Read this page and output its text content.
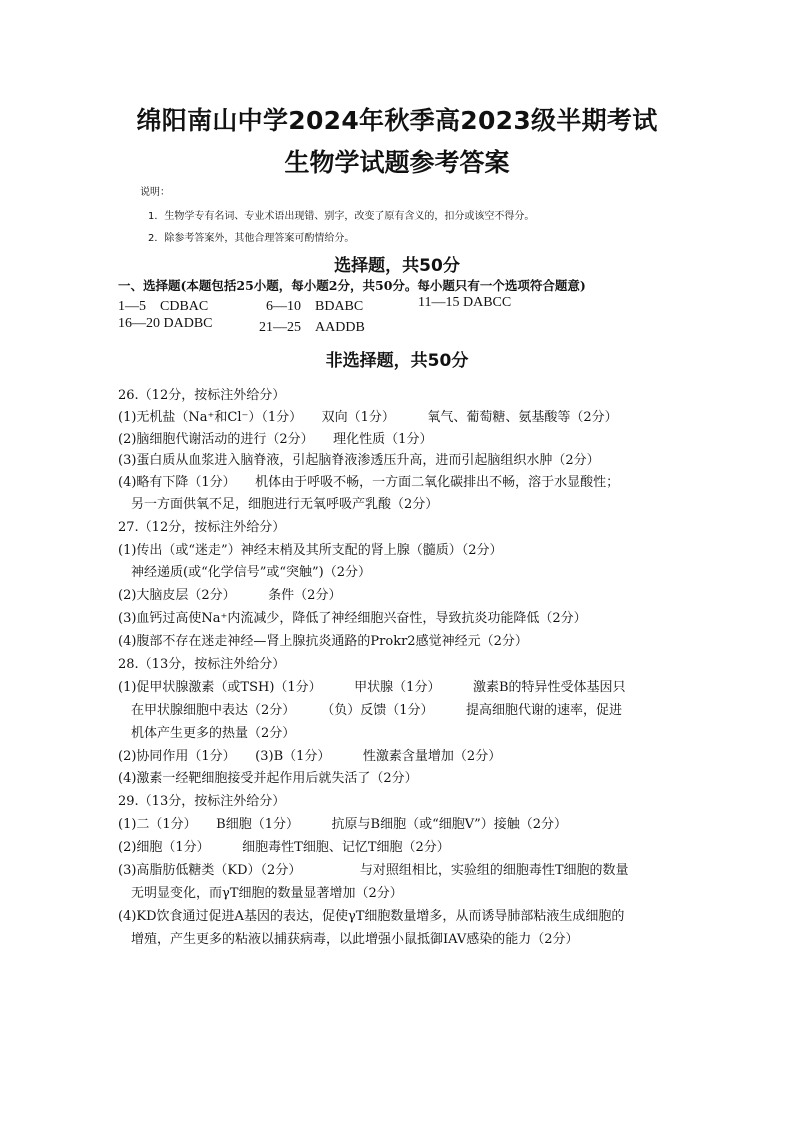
绵阳南山中学2024年秋季高2023级半期考试
生物学试题参考答案
说明：
1．生物学专有名词、专业术语出现错、别字，改变了原有含义的，扣分或该空不得分。
2．除参考答案外，其他合理答案可酌情给分。
选择题，共50分
一、选择题(本题包括25小题，每小题2分，共50分。每小题只有一个选项符合题意)
1—5　CDBAC	6—10　BDABC	11—15 DABCC
16—20 DADBC	21—25　AADDB
非选择题，共50分
26.（12分，按标注外给分）
(1)无机盐（Na⁺和Cl⁻）（1分）　　双向（1分）　　　氧气、葡萄糖、氨基酸等（2分）
(2)脑细胞代谢活动的进行（2分）　　理化性质（1分）
(3)蛋白质从血浆进入脑脊液，引起脑脊液渗透压升高，进而引起脑组织水肿（2分）
(4)略有下降（1分）　　机体由于呼吸不畅，一方面二氧化碳排出不畅，溶于水显酸性；
　另一方面供氧不足，细胞进行无氧呼吸产乳酸（2分）
27.（12分，按标注外给分）
(1)传出（或“迷走”）神经末梢及其所支配的肾上腺（髓质）（2分）
　神经递质(或“化学信号”或“突触”)（2分）
(2)大脑皮层（2分）　　　条件（2分）
(3)血钙过高使Na⁺内流减少，降低了神经细胞兴奋性，导致抗炎功能降低（2分）
(4)腹部不存在迷走神经—肾上腺抗炎通路的Prokr2感觉神经元（2分）
28.（13分，按标注外给分）
(1)促甲状腺激素（或TSH)（1分）　　　甲状腺（1分）　　　激素B的特异性受体基因只
　在甲状腺细胞中表达（2分）　　　（负）反馈（1分）　　　提高细胞代谢的速率，促进
　机体产生更多的热量（2分）
(2)协同作用（1分）　　(3)B（1分）　　　性激素含量增加（2分）
(4)激素一经靶细胞接受并起作用后就失活了（2分）
29.（13分，按标注外给分）
(1)二（1分）　　B细胞（1分）　　　抗原与B细胞（或“细胞Ⅴ”）接触（2分）
(2)细胞（1分）　　　细胞毒性T细胞、记忆T细胞（2分）
(3)高脂肪低糖类（KD）（2分）　　　　　与对照组相比，实验组的细胞毒性T细胞的数量
　无明显变化，而γT细胞的数量显著增加（2分）
(4)KD饮食通过促进A基因的表达，促使γT细胞数量增多，从而诱导肺部粘液生成细胞的
　增殖，产生更多的粘液以捕获病毒，以此增强小鼠抵御IAV感染的能力（2分）
